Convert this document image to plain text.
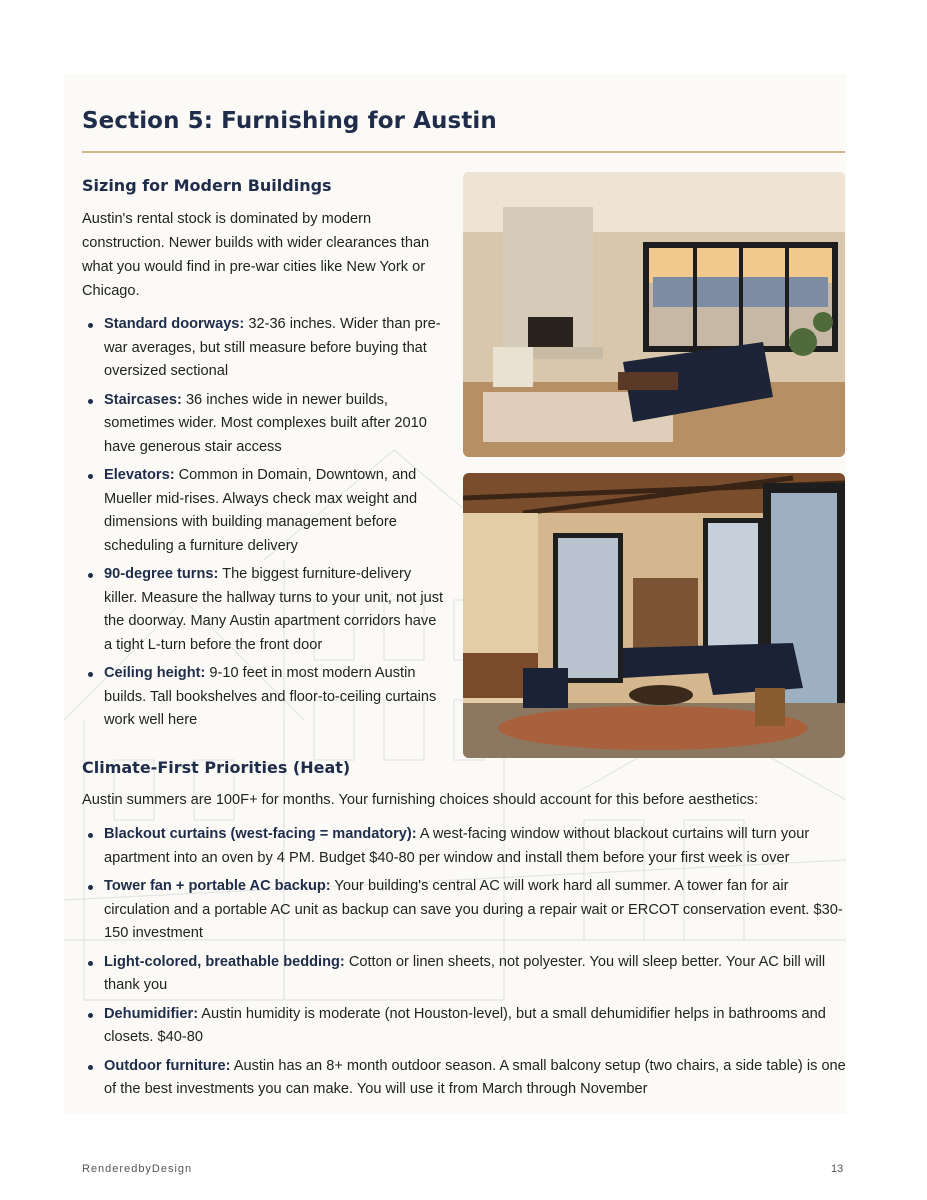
Section 5: Furnishing for Austin
Sizing for Modern Buildings
Austin's rental stock is dominated by modern construction. Newer builds with wider clearances than what you would find in pre-war cities like New York or Chicago.
Standard doorways: 32-36 inches. Wider than pre-war averages, but still measure before buying that oversized sectional
Staircases: 36 inches wide in newer builds, sometimes wider. Most complexes built after 2010 have generous stair access
Elevators: Common in Domain, Downtown, and Mueller mid-rises. Always check max weight and dimensions with building management before scheduling a furniture delivery
90-degree turns: The biggest furniture-delivery killer. Measure the hallway turns to your unit, not just the doorway. Many Austin apartment corridors have a tight L-turn before the front door
Ceiling height: 9-10 feet in most modern Austin builds. Tall bookshelves and floor-to-ceiling curtains work well here
Climate-First Priorities (Heat)
Austin summers are 100F+ for months. Your furnishing choices should account for this before aesthetics:
Blackout curtains (west-facing = mandatory): A west-facing window without blackout curtains will turn your apartment into an oven by 4 PM. Budget $40-80 per window and install them before your first week is over
Tower fan + portable AC backup: Your building's central AC will work hard all summer. A tower fan for air circulation and a portable AC unit as backup can save you during a repair wait or ERCOT conservation event. $30-150 investment
Light-colored, breathable bedding: Cotton or linen sheets, not polyester. You will sleep better. Your AC bill will thank you
Dehumidifier: Austin humidity is moderate (not Houston-level), but a small dehumidifier helps in bathrooms and closets. $40-80
Outdoor furniture: Austin has an 8+ month outdoor season. A small balcony setup (two chairs, a side table) is one of the best investments you can make. You will use it from March through November
RenderedbyDesign	13
